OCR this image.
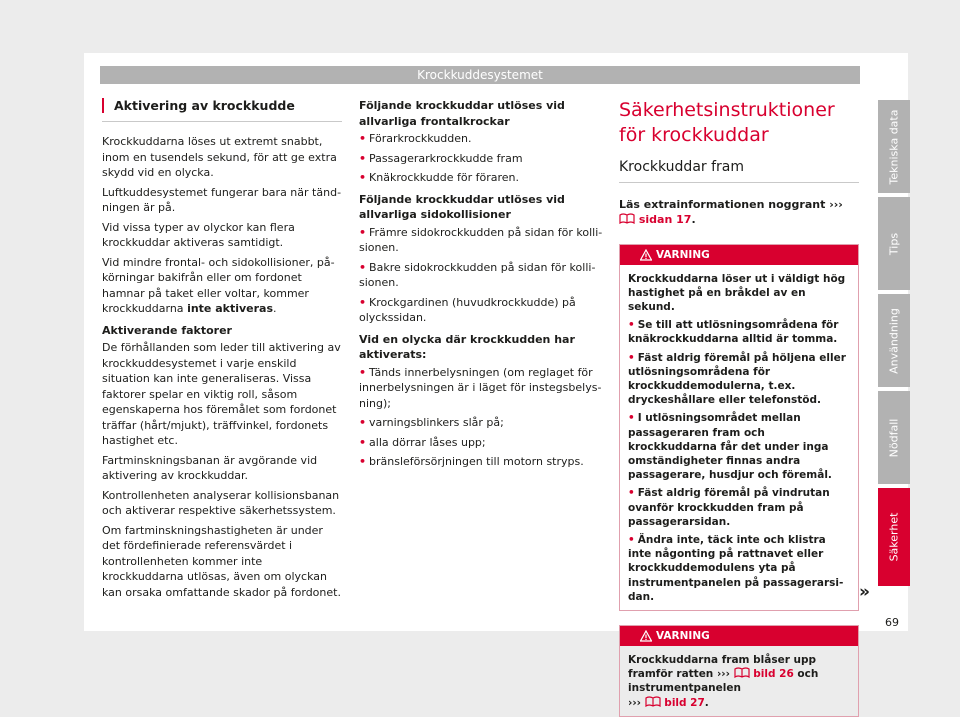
Krockkuddesystemet
Aktivering av krockkudde

Krockkuddarna löses ut extremt snabbt, inom en tusendels sekund, för att ge extra skydd vid en olycka.

Luftkuddesystemet fungerar bara när tändningen är på.

Vid vissa typer av olyckor kan flera krockkuddar aktiveras samtidigt.

Vid mindre frontal- och sidokollisioner, påkörningar bakifrån eller om fordonet hamnar på taket eller voltar, kommer krockkuddarna inte aktiveras.

Aktiverande faktorer

De förhållanden som leder till aktivering av krockkuddesystemet i varje enskild situation kan inte generaliseras. Vissa faktorer spelar en viktig roll, såsom egenskaperna hos föremålet som fordonet träffar (hårt/mjukt), träffvinkel, fordonets hastighet etc.

Fartminskningsbanan är avgörande vid aktivering av krockkuddar.

Kontrollenheten analyserar kollisionsbanan och aktiverar respektive säkerhetssystem.

Om fartminskningshastigheten är under det fördefinierade referensvärdet i kontrollenheten kommer inte krockkuddarna utlösas, även om olyckan kan orsaka omfattande skador på fordonet.

Följande krockkuddar utlöses vid allvarliga frontalkrockar

• Förarkrockkudden.

• Passagerarkrockkudde fram

• Knäkrockkudde för föraren.

Följande krockkuddar utlöses vid allvarliga sidokollisioner

• Främre sidokrockkudden på sidan för kollisionen.

• Bakre sidokrockkudden på sidan för kollisionen.

• Krockgardinen (huvudkrockkudde) på olyckssidan.

Vid en olycka där krockkudden har aktiverats:

• Tänds innerbelysningen (om reglaget för innerbelysningen är i läget för instegsbelysning);

• varningsblinkers slår på;

• alla dörrar låses upp;

• bränsleförsörjningen till motorn stryps.

Säkerhetsinstruktioner för krockkuddar
Krockkuddar fram

Läs extrainformationen noggrant ›››  sidan 17.

VARNING

Krockkuddarna löser ut i väldigt hög hastighet på en bråkdel av en sekund.

• Se till att utlösningsområdena för knäkrockkuddarna alltid är tomma.

• Fäst aldrig föremål på höljena eller utlösningsområdena för krockkuddemodulerna, t.ex. dryckeshållare eller telefonstöd.

• I utlösningsområdet mellan passageraren fram och krockkuddarna får det under inga omständigheter finnas andra passagerare, husdjur och föremål.

• Fäst aldrig föremål på vindrutan ovanför krockkudden fram på passagerarsidan.

• Ändra inte, täck inte och klistra inte någonting på rattnavet eller krockkuddemodulens yta på instrumentpanelen på passagerarsidan.

VARNING

Krockkuddarna fram blåser upp framför ratten ››› bild 26 och instrumentpanelen
››› bild 27.

»
Tekniska data
Tips
Användning
Nödfall
Säkerhet
69
